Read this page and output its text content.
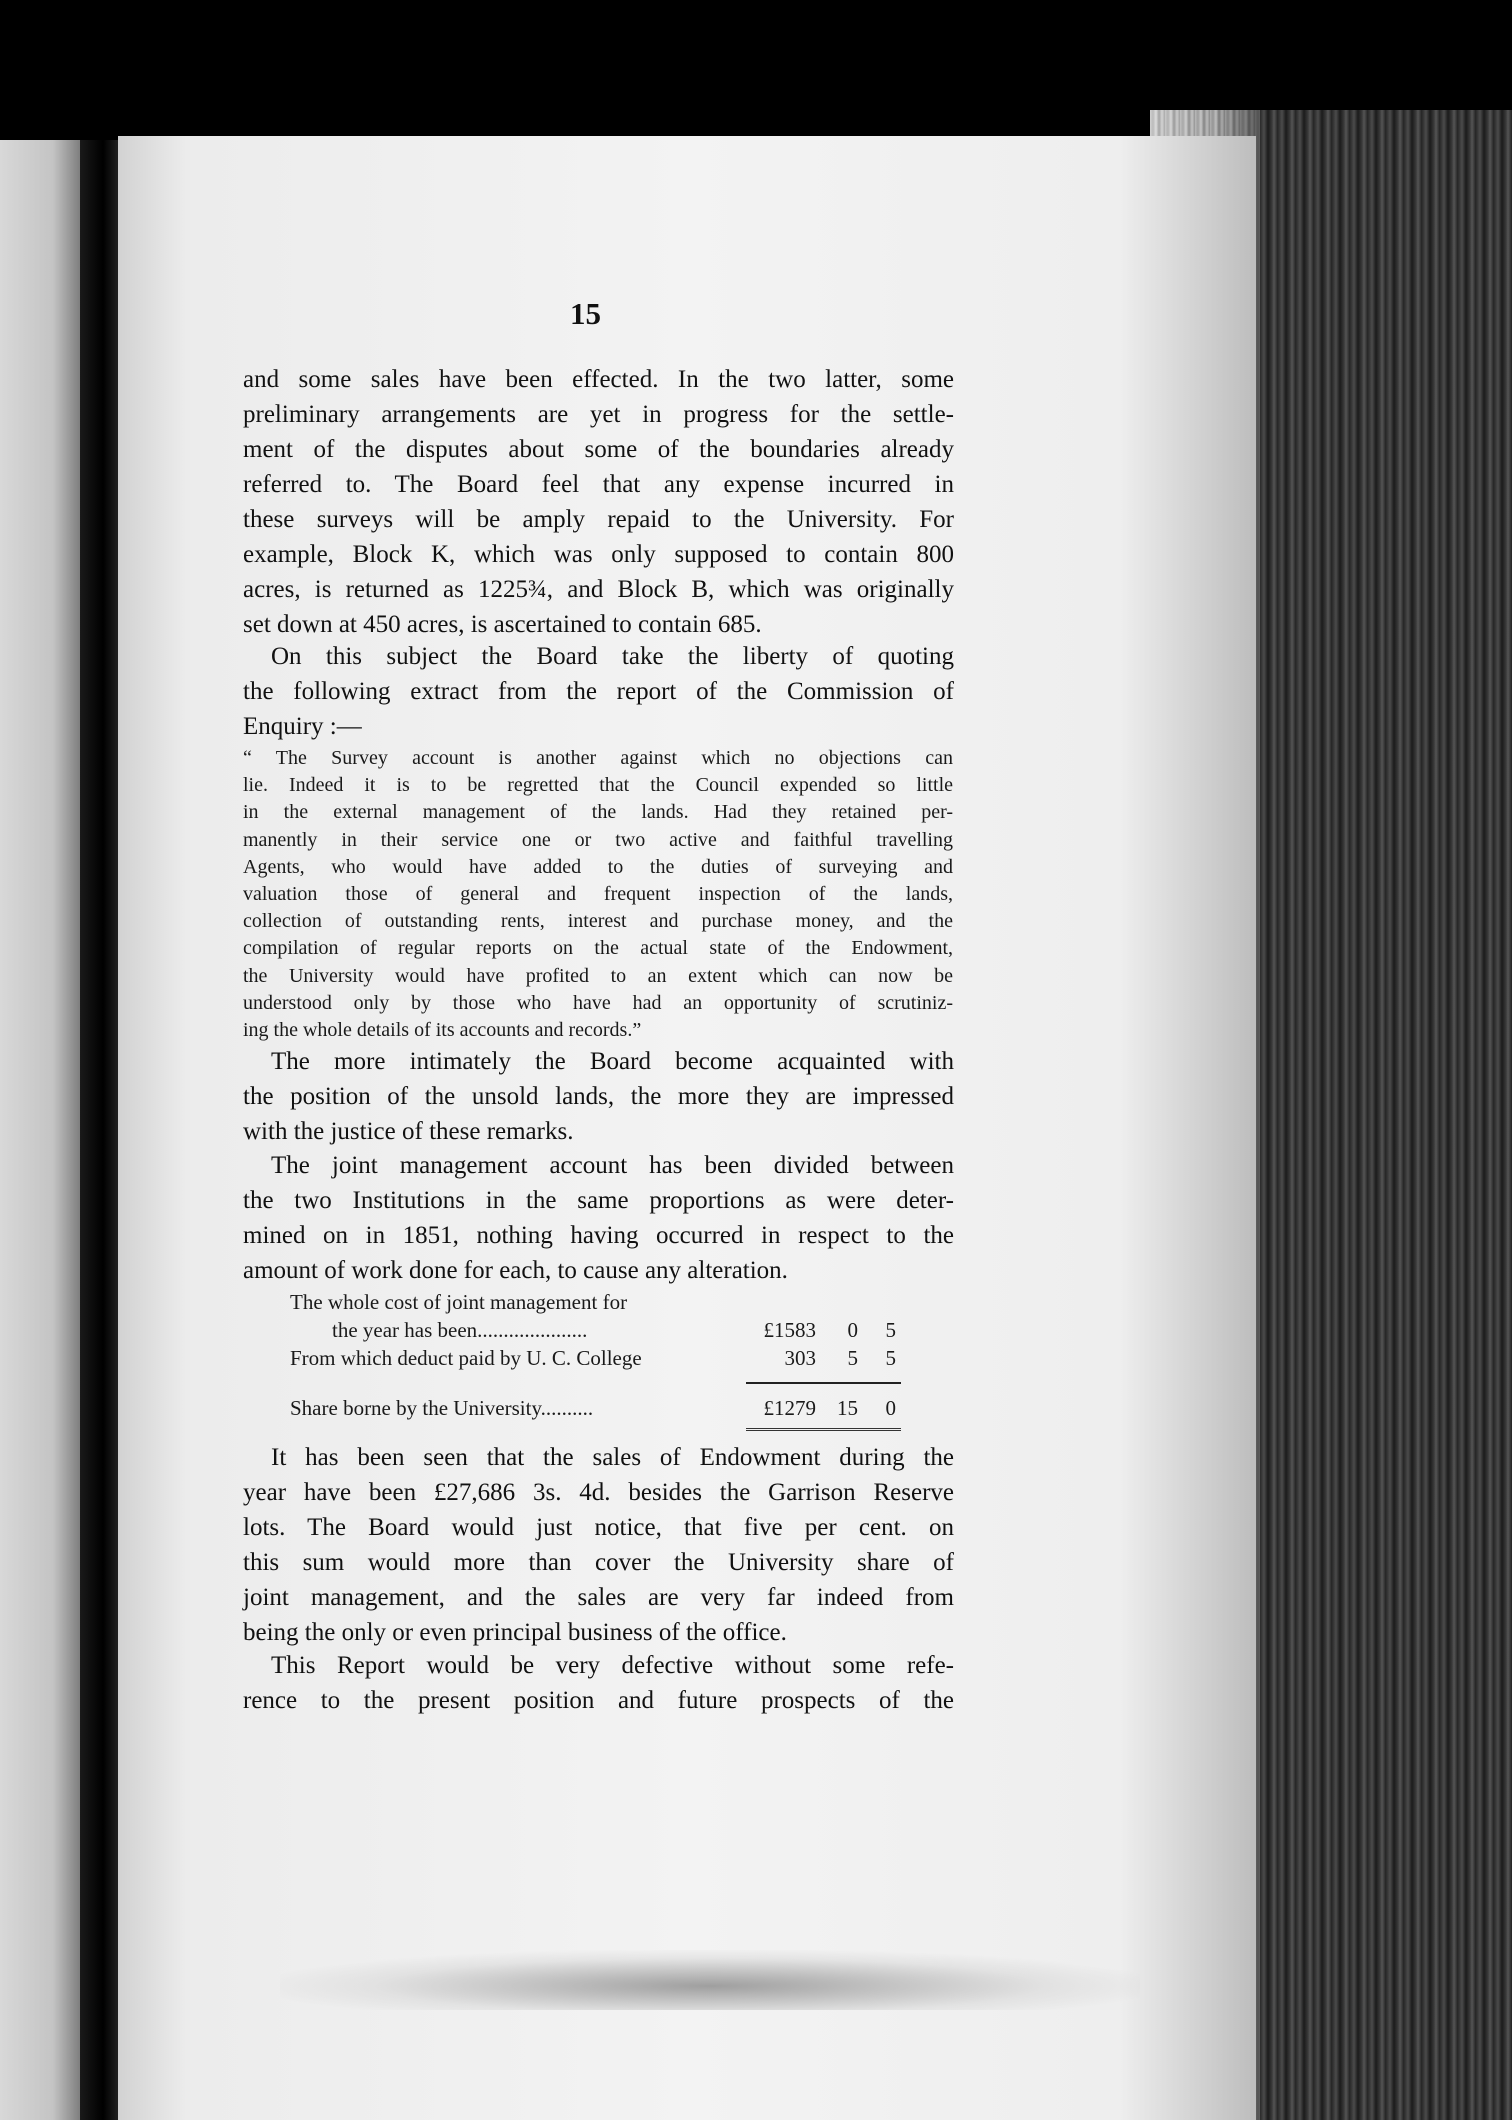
15
and some sales have been effected. In the two latter, some
preliminary arrangements are yet in progress for the settle-
ment of the disputes about some of the boundaries already
referred to. The Board feel that any expense incurred in
these surveys will be amply repaid to the University. For
example, Block K, which was only supposed to contain 800
acres, is returned as 1225¾, and Block B, which was originally
set down at 450 acres, is ascertained to contain 685.
On this subject the Board take the liberty of quoting
the following extract from the report of the Commission of
Enquiry :—
“ The Survey account is another against which no objections can
lie. Indeed it is to be regretted that the Council expended so little
in the external management of the lands. Had they retained per-
manently in their service one or two active and faithful travelling
Agents, who would have added to the duties of surveying and
valuation those of general and frequent inspection of the lands,
collection of outstanding rents, interest and purchase money, and the
compilation of regular reports on the actual state of the Endowment,
the University would have profited to an extent which can now be
understood only by those who have had an opportunity of scrutiniz-
ing the whole details of its accounts and records.”
The more intimately the Board become acquainted with
the position of the unsold lands, the more they are impressed
with the justice of these remarks.
The joint management account has been divided between
the two Institutions in the same proportions as were deter-
mined on in 1851, nothing having occurred in respect to the
amount of work done for each, to cause any alteration.
The whole cost of joint management for
the year has been.....................	£1583	0	5
From which deduct paid by U. C. College	303	5	5
Share borne by the University..........	£1279	15	0
It has been seen that the sales of Endowment during the
year have been £27,686 3s. 4d. besides the Garrison Reserve
lots. The Board would just notice, that five per cent. on
this sum would more than cover the University share of
joint management, and the sales are very far indeed from
being the only or even principal business of the office.
This Report would be very defective without some refe-
rence to the present position and future prospects of the
